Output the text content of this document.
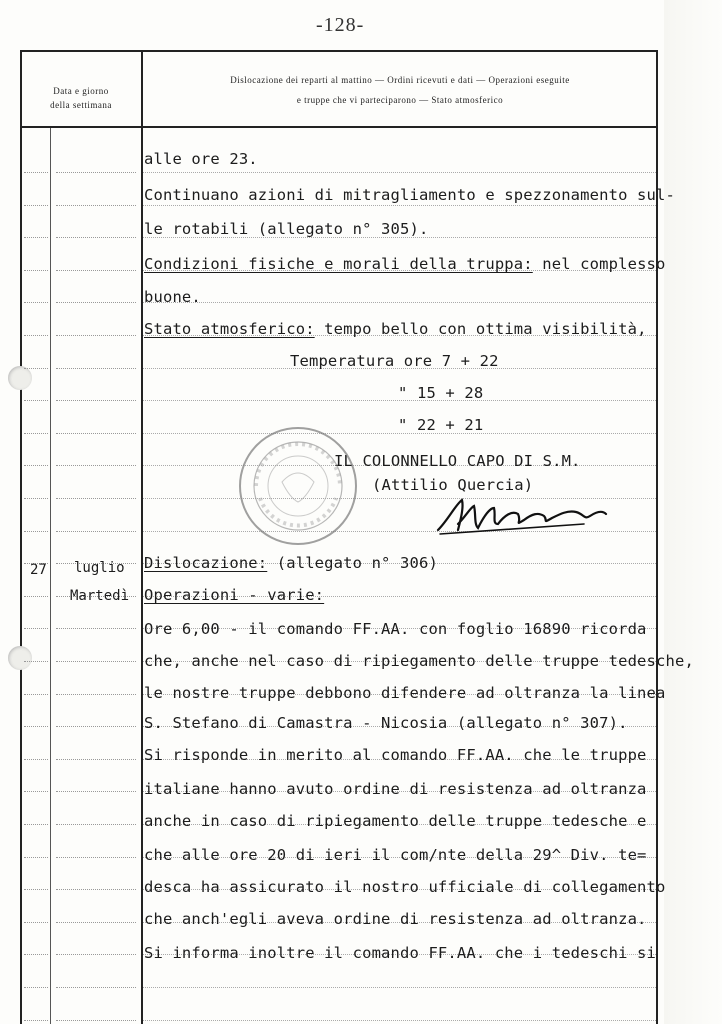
-128-
Data e giorno
della settimana
Dislocazione dei reparti al mattino — Ordini ricevuti e dati — Operazioni eseguite
e truppe che vi parteciparono — Stato atmosferico
27 luglio
Martedì
alle ore 23.
Continuano azioni di mitragliamento e spezzonamento sul-
le rotabili (allegato n° 305).
Condizioni fisiche e morali della truppa: nel complesso
buone.
Stato atmosferico: tempo bello con ottima visibilità,
Temperatura ore 7 + 22
" 15 + 28
" 22 + 21
IL COLONNELLO CAPO DI S.M.
(Attilio Quercia)
Dislocazione: (allegato n° 306)
Operazioni - varie:
Ore 6,00 - il comando FF.AA. con foglio 16890 ricorda
che, anche nel caso di ripiegamento delle truppe tedesche,
le nostre truppe debbono difendere ad oltranza la linea
S. Stefano di Camastra - Nicosia (allegato n° 307).
Si risponde in merito al comando FF.AA. che le truppe
italiane hanno avuto ordine di resistenza ad oltranza
anche in caso di ripiegamento delle truppe tedesche e
che alle ore 20 di ieri il com/nte della 29^ Div. te=
desca ha assicurato il nostro ufficiale di collegamento
che anch'egli aveva ordine di resistenza ad oltranza.
Si informa inoltre il comando FF.AA. che i tedeschi si
